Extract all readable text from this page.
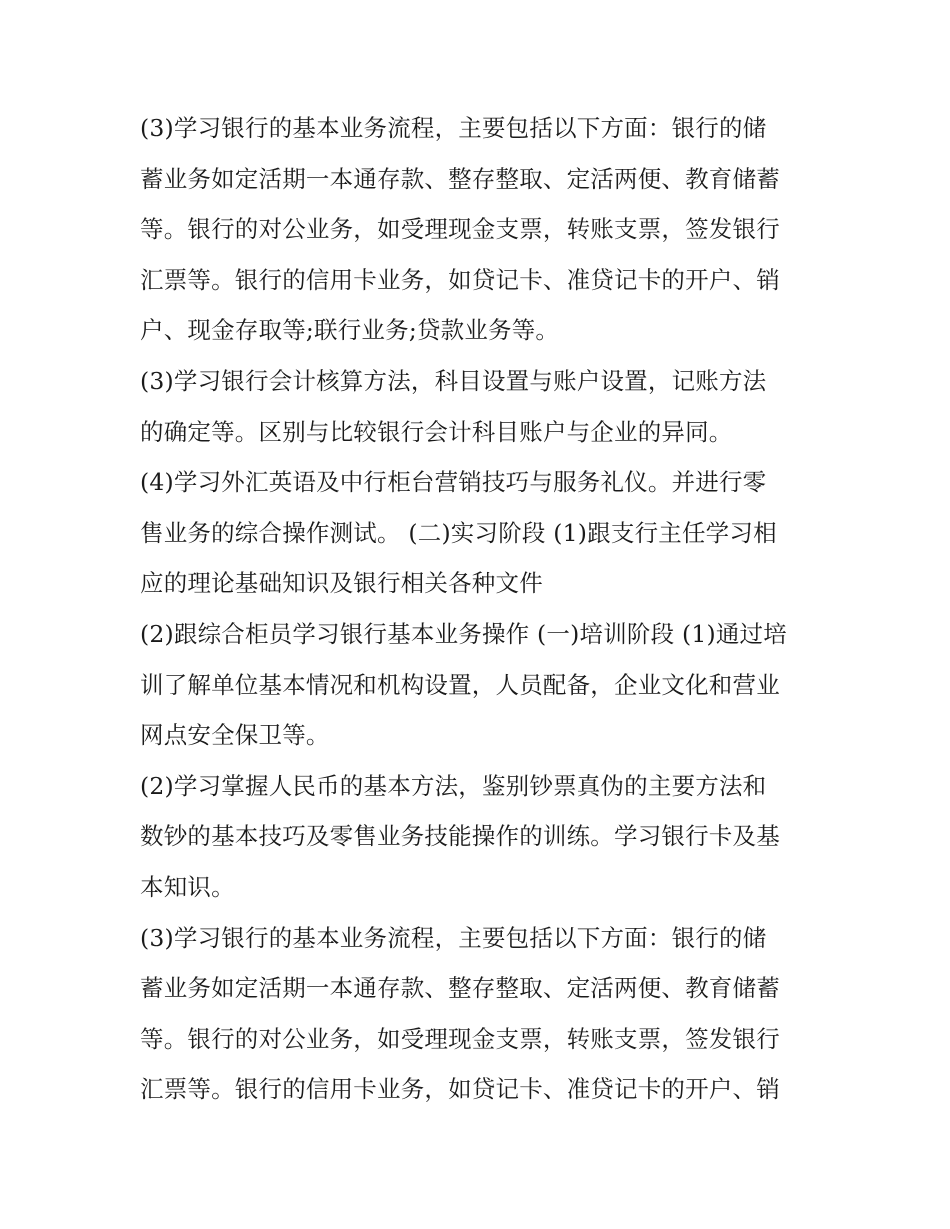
(3)学习银行的基本业务流程，主要包括以下方面：银行的储
蓄业务如定活期一本通存款、整存整取、定活两便、教育储蓄
等。银行的对公业务，如受理现金支票，转账支票，签发银行
汇票等。银行的信用卡业务，如贷记卡、准贷记卡的开户、销
户、现金存取等;联行业务;贷款业务等。
(3)学习银行会计核算方法，科目设置与账户设置，记账方法
的确定等。区别与比较银行会计科目账户与企业的异同。
(4)学习外汇英语及中行柜台营销技巧与服务礼仪。并进行零
售业务的综合操作测试。 (二)实习阶段 (1)跟支行主任学习相
应的理论基础知识及银行相关各种文件
(2)跟综合柜员学习银行基本业务操作 (一)培训阶段 (1)通过培
训了解单位基本情况和机构设置，人员配备，企业文化和营业
网点安全保卫等。
(2)学习掌握人民币的基本方法，鉴别钞票真伪的主要方法和
数钞的基本技巧及零售业务技能操作的训练。学习银行卡及基
本知识。
(3)学习银行的基本业务流程，主要包括以下方面：银行的储
蓄业务如定活期一本通存款、整存整取、定活两便、教育储蓄
等。银行的对公业务，如受理现金支票，转账支票，签发银行
汇票等。银行的信用卡业务，如贷记卡、准贷记卡的开户、销
